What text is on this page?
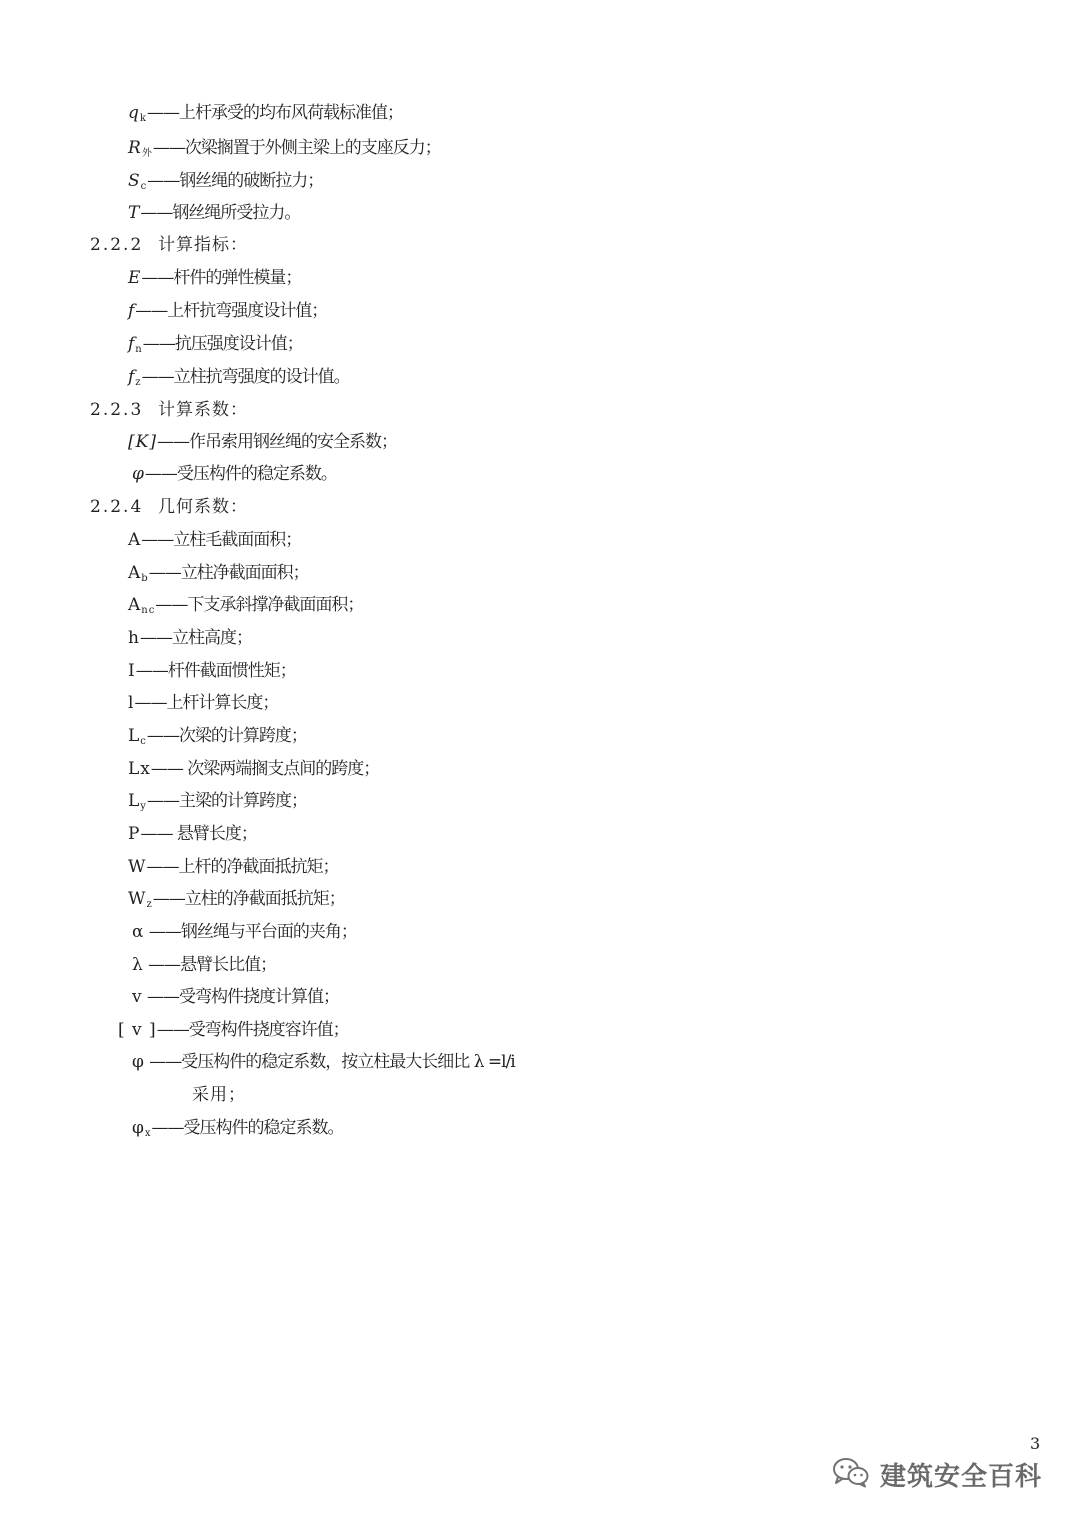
$q_k——$上杆承受的均布风荷载标准值；
$R_外——$次梁搁置于外侧主梁上的支座反力；
$S_c——$钢丝绳的破断拉力；
T——钢丝绳所受拉力。
2.2.2 计算指标：
E——杆件的弹性模量；
f——上杆抗弯强度设计值；
$f_n——$抗压强度设计值；
$f_z——$立柱抗弯强度的设计值。
2.2.3 计算系数：
[K]——作吊索用钢丝绳的安全系数；
φ——受压构件的稳定系数。
2.2.4 几何系数：
A——立柱毛截面面积；
$A_b——$立柱净截面面积；
$A_{nc}——$下支承斜撑净截面面积；
h——立柱高度；
I——杆件截面惯性矩；
l——上杆计算长度；
$L_c——$次梁的计算跨度；
Lx—— 次梁两端搁支点间的跨度；
$L_y——$主梁的计算跨度；
P—— 悬臂长度；
W——上杆的净截面抵抗矩；
$W_z——$立柱的净截面抵抗矩；
α ——钢丝绳与平台面的夹角；
λ ——悬臂长比值；
v ——受弯构件挠度计算值；
[ v ]——受弯构件挠度容许值；
φ ——受压构件的稳定系数，按立柱最大长细比 λ =l/i
采用；
$\varphi_x——$受压构件的稳定系数。
3
建筑安全百科
